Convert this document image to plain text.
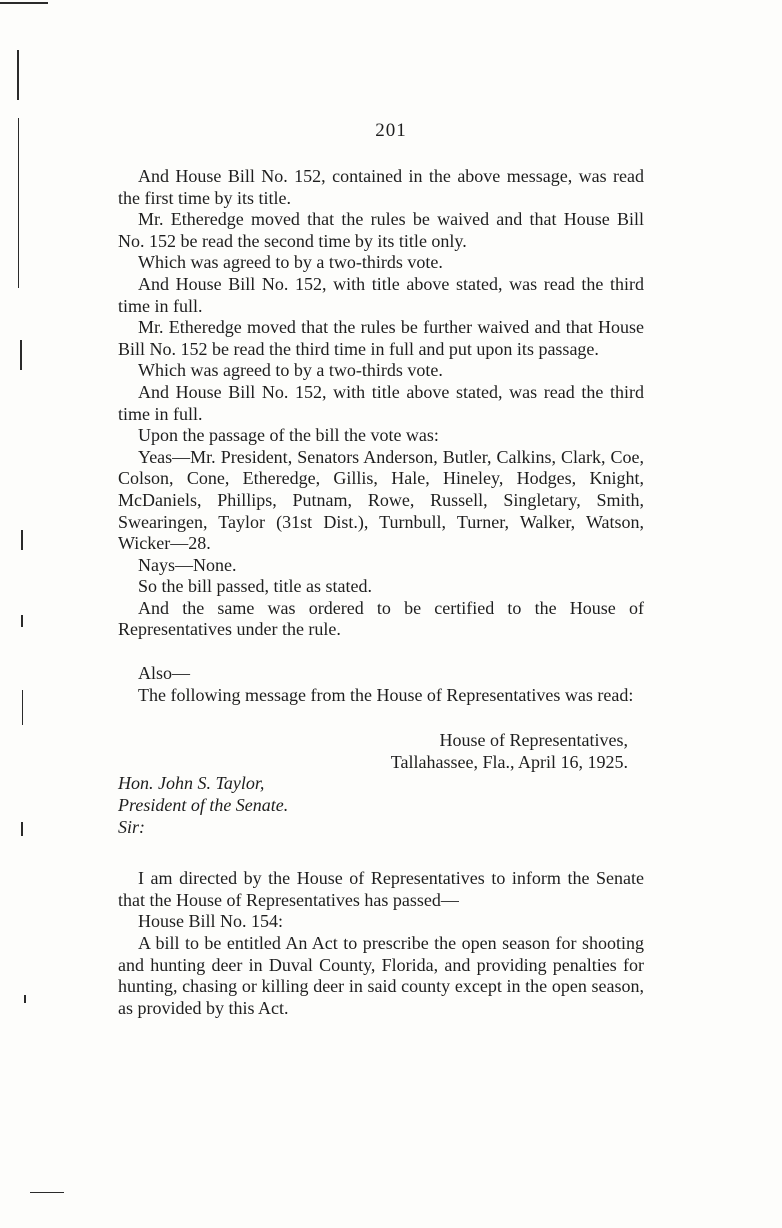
201

And House Bill No. 152, contained in the above message, was read the first time by its title.

Mr. Etheredge moved that the rules be waived and that House Bill No. 152 be read the second time by its title only.

Which was agreed to by a two-thirds vote.

And House Bill No. 152, with title above stated, was read the third time in full.

Mr. Etheredge moved that the rules be further waived and that House Bill No. 152 be read the third time in full and put upon its passage.

Which was agreed to by a two-thirds vote.

And House Bill No. 152, with title above stated, was read the third time in full.

Upon the passage of the bill the vote was:

Yeas—Mr. President, Senators Anderson, Butler, Calkins, Clark, Coe, Colson, Cone, Etheredge, Gillis, Hale, Hineley, Hodges, Knight, McDaniels, Phillips, Putnam, Rowe, Russell, Singletary, Smith, Swearingen, Taylor (31st Dist.), Turnbull, Turner, Walker, Watson, Wicker—28.

Nays—None.

So the bill passed, title as stated.

And the same was ordered to be certified to the House of Representatives under the rule.

Also—

The following message from the House of Representatives was read:

House of Representatives,
Tallahassee, Fla., April 16, 1925.

Hon. John S. Taylor,

President of the Senate.

Sir:

I am directed by the House of Representatives to inform the Senate that the House of Representatives has passed—

House Bill No. 154:

A bill to be entitled An Act to prescribe the open season for shooting and hunting deer in Duval County, Florida, and providing penalties for hunting, chasing or killing deer in said county except in the open season, as provided by this Act.
